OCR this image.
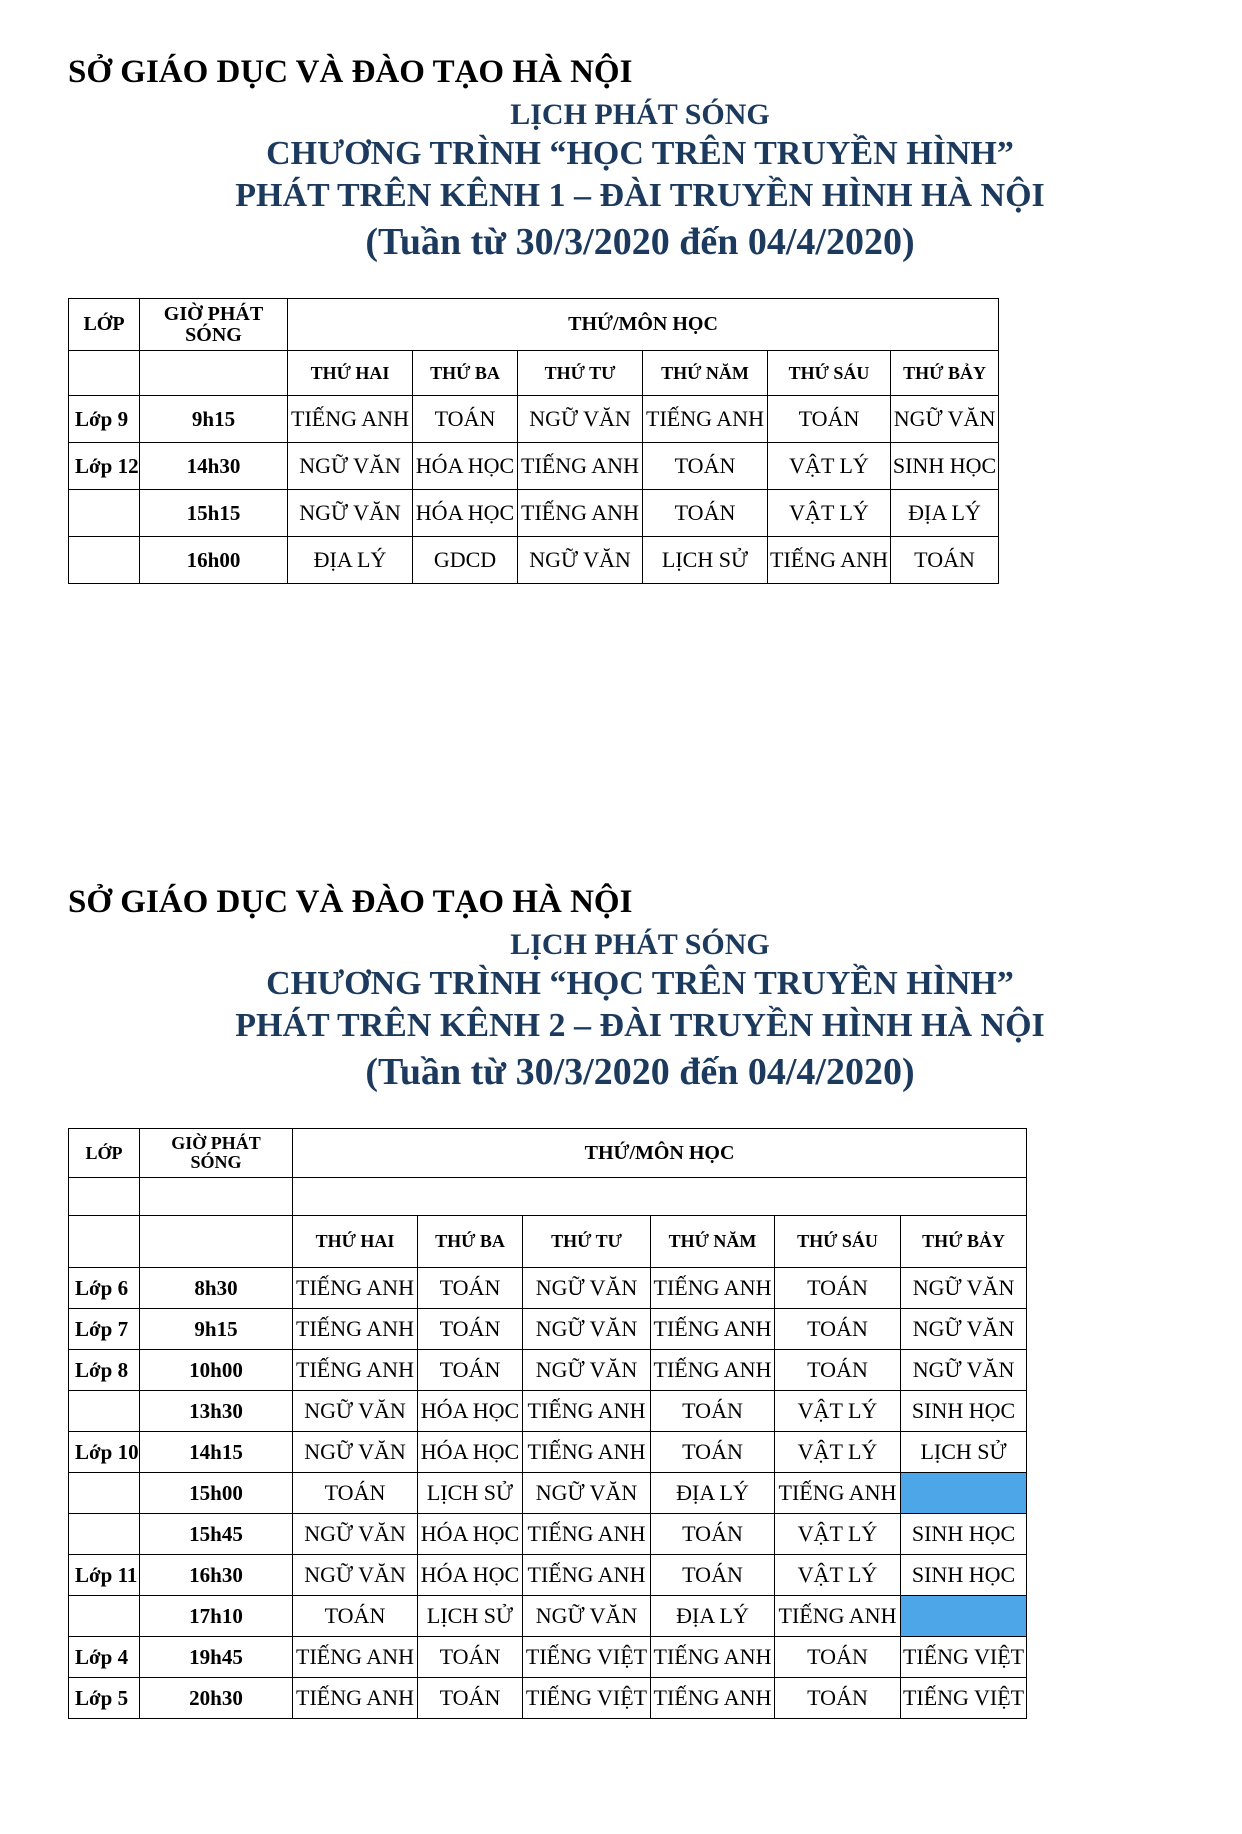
SỞ GIÁO DỤC VÀ ĐÀO TẠO HÀ NỘI
LỊCH PHÁT SÓNG
CHƯƠNG TRÌNH “HỌC TRÊN TRUYỀN HÌNH”
PHÁT TRÊN KÊNH 1 – ĐÀI TRUYỀN HÌNH HÀ NỘI
(Tuần từ 30/3/2020 đến 04/4/2020)
LỚP	GIỜ PHÁT SÓNG	THỨ/MÔN HỌC					
		THỨ HAI	THỨ BA	THỨ TƯ	THỨ NĂM	THỨ SÁU	THỨ BẢY
Lớp 9	9h15	TIẾNG ANH	TOÁN	NGỮ VĂN	TIẾNG ANH	TOÁN	NGỮ VĂN
Lớp 12	14h30	NGỮ VĂN	HÓA HỌC	TIẾNG ANH	TOÁN	VẬT LÝ	SINH HỌC
	15h15	NGỮ VĂN	HÓA HỌC	TIẾNG ANH	TOÁN	VẬT LÝ	ĐỊA LÝ
	16h00	ĐỊA LÝ	GDCD	NGỮ VĂN	LỊCH SỬ	TIẾNG ANH	TOÁN
SỞ GIÁO DỤC VÀ ĐÀO TẠO HÀ NỘI
LỊCH PHÁT SÓNG
CHƯƠNG TRÌNH “HỌC TRÊN TRUYỀN HÌNH”
PHÁT TRÊN KÊNH 2 – ĐÀI TRUYỀN HÌNH HÀ NỘI
(Tuần từ 30/3/2020 đến 04/4/2020)
LỚP	GIỜ PHÁT SÓNG	THỨ/MÔN HỌC					

		THỨ HAI	THỨ BA	THỨ TƯ	THỨ NĂM	THỨ SÁU	THỨ BẢY
Lớp 6	8h30	TIẾNG ANH	TOÁN	NGỮ VĂN	TIẾNG ANH	TOÁN	NGỮ VĂN
Lớp 7	9h15	TIẾNG ANH	TOÁN	NGỮ VĂN	TIẾNG ANH	TOÁN	NGỮ VĂN
Lớp 8	10h00	TIẾNG ANH	TOÁN	NGỮ VĂN	TIẾNG ANH	TOÁN	NGỮ VĂN
	13h30	NGỮ VĂN	HÓA HỌC	TIẾNG ANH	TOÁN	VẬT LÝ	SINH HỌC
Lớp 10	14h15	NGỮ VĂN	HÓA HỌC	TIẾNG ANH	TOÁN	VẬT LÝ	LỊCH SỬ
	15h00	TOÁN	LỊCH SỬ	NGỮ VĂN	ĐỊA LÝ	TIẾNG ANH	
	15h45	NGỮ VĂN	HÓA HỌC	TIẾNG ANH	TOÁN	VẬT LÝ	SINH HỌC
Lớp 11	16h30	NGỮ VĂN	HÓA HỌC	TIẾNG ANH	TOÁN	VẬT LÝ	SINH HỌC
	17h10	TOÁN	LỊCH SỬ	NGỮ VĂN	ĐỊA LÝ	TIẾNG ANH	
Lớp 4	19h45	TIẾNG ANH	TOÁN	TIẾNG VIỆT	TIẾNG ANH	TOÁN	TIẾNG VIỆT
Lớp 5	20h30	TIẾNG ANH	TOÁN	TIẾNG VIỆT	TIẾNG ANH	TOÁN	TIẾNG VIỆT
